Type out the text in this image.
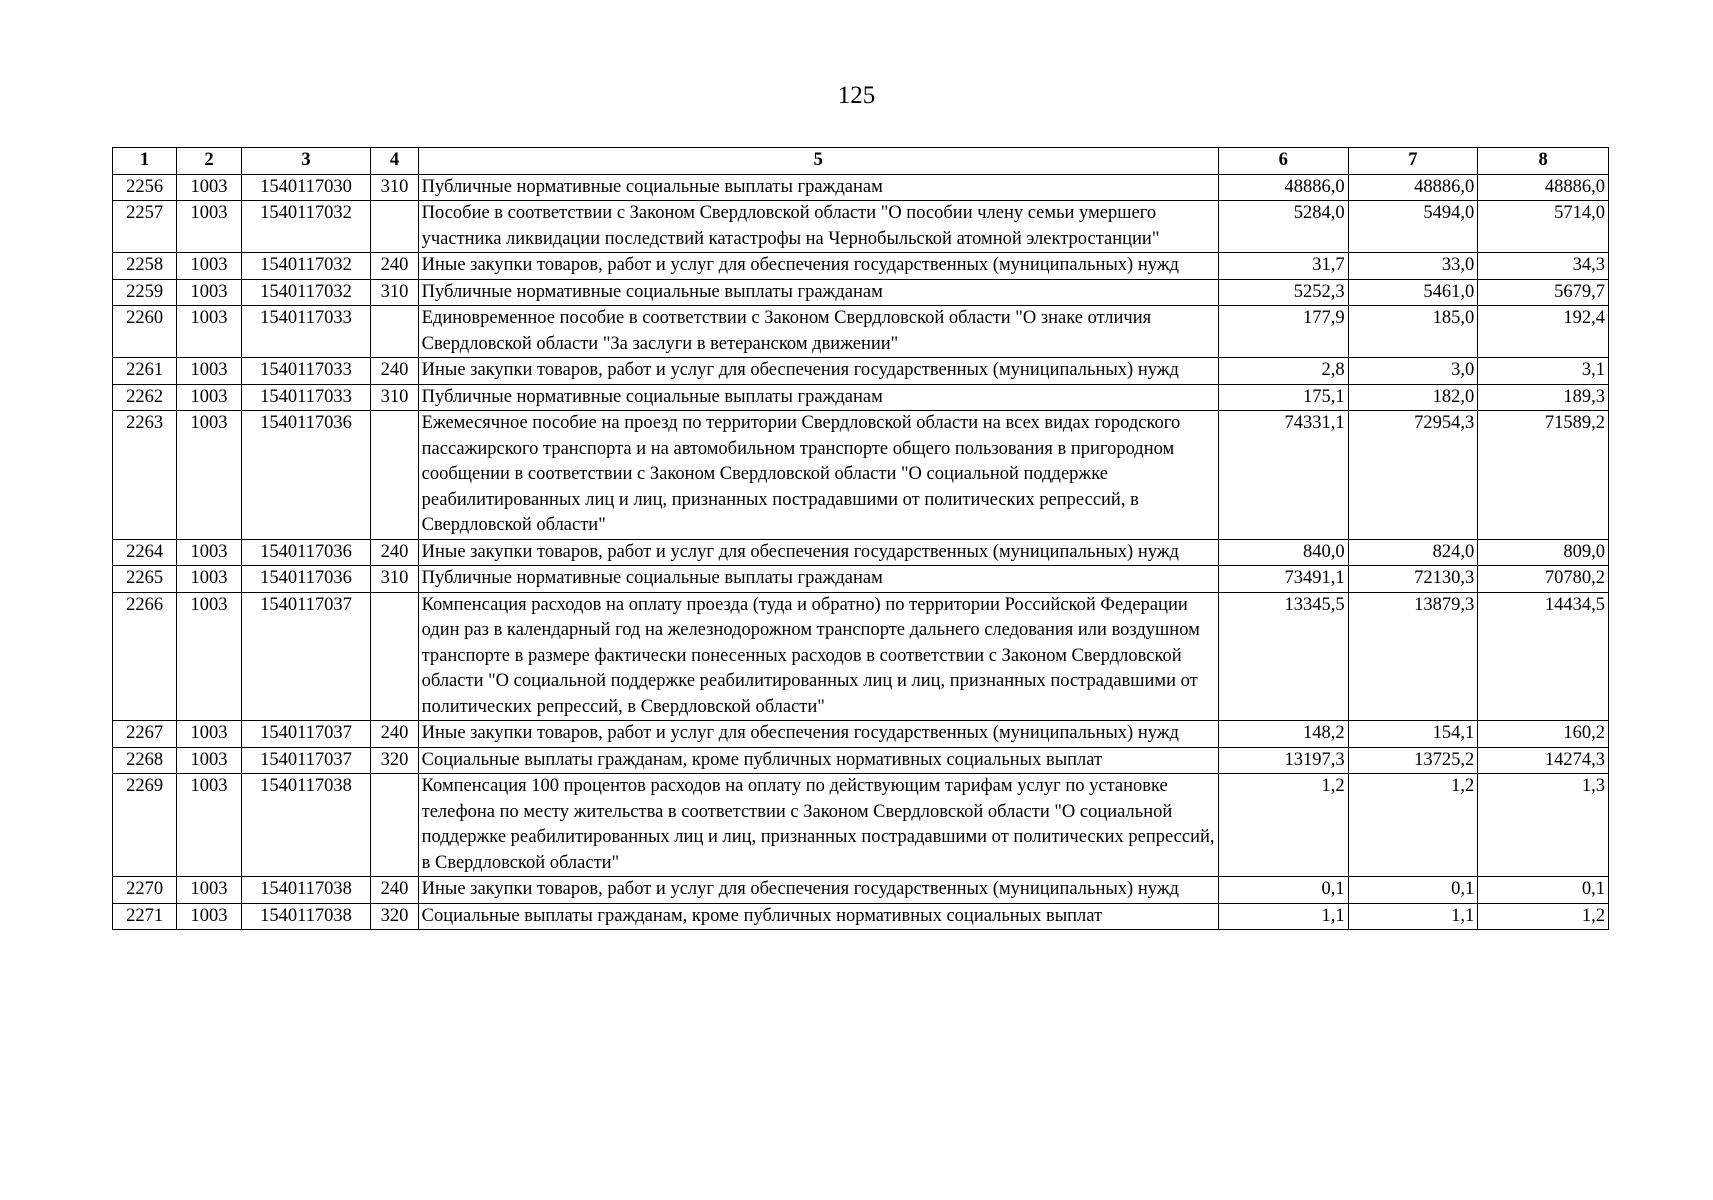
125
1	2	3	4	5	6	7	8
2256	1003	1540117030	310	Публичные нормативные социальные выплаты гражданам	48886,0	48886,0	48886,0
2257	1003	1540117032		Пособие в соответствии с Законом Свердловской области "О пособии члену семьи умершего участника ликвидации последствий катастрофы на Чернобыльской атомной электростанции"	5284,0	5494,0	5714,0
2258	1003	1540117032	240	Иные закупки товаров, работ и услуг для обеспечения государственных (муниципальных) нужд	31,7	33,0	34,3
2259	1003	1540117032	310	Публичные нормативные социальные выплаты гражданам	5252,3	5461,0	5679,7
2260	1003	1540117033		Единовременное пособие в соответствии с Законом Свердловской области "О знаке отличия Свердловской области "За заслуги в ветеранском движении"	177,9	185,0	192,4
2261	1003	1540117033	240	Иные закупки товаров, работ и услуг для обеспечения государственных (муниципальных) нужд	2,8	3,0	3,1
2262	1003	1540117033	310	Публичные нормативные социальные выплаты гражданам	175,1	182,0	189,3
2263	1003	1540117036		Ежемесячное пособие на проезд по территории Свердловской области на всех видах городского пассажирского транспорта и на автомобильном транспорте общего пользования в пригородном сообщении в соответствии с Законом Свердловской области "О социальной поддержке реабилитированных лиц и лиц, признанных пострадавшими от политических репрессий, в Свердловской области"	74331,1	72954,3	71589,2
2264	1003	1540117036	240	Иные закупки товаров, работ и услуг для обеспечения государственных (муниципальных) нужд	840,0	824,0	809,0
2265	1003	1540117036	310	Публичные нормативные социальные выплаты гражданам	73491,1	72130,3	70780,2
2266	1003	1540117037		Компенсация расходов на оплату проезда (туда и обратно) по территории Российской Федерации один раз в календарный год на железнодорожном транспорте дальнего следования или воздушном транспорте в размере фактически понесенных расходов в соответствии с Законом Свердловской области "О социальной поддержке реабилитированных лиц и лиц, признанных пострадавшими от политических репрессий, в Свердловской области"	13345,5	13879,3	14434,5
2267	1003	1540117037	240	Иные закупки товаров, работ и услуг для обеспечения государственных (муниципальных) нужд	148,2	154,1	160,2
2268	1003	1540117037	320	Социальные выплаты гражданам, кроме публичных нормативных социальных выплат	13197,3	13725,2	14274,3
2269	1003	1540117038		Компенсация 100 процентов расходов на оплату по действующим тарифам услуг по установке телефона по месту жительства в соответствии с Законом Свердловской области "О социальной поддержке реабилитированных лиц и лиц, признанных пострадавшими от политических репрессий, в Свердловской области"	1,2	1,2	1,3
2270	1003	1540117038	240	Иные закупки товаров, работ и услуг для обеспечения государственных (муниципальных) нужд	0,1	0,1	0,1
2271	1003	1540117038	320	Социальные выплаты гражданам, кроме публичных нормативных социальных выплат	1,1	1,1	1,2
